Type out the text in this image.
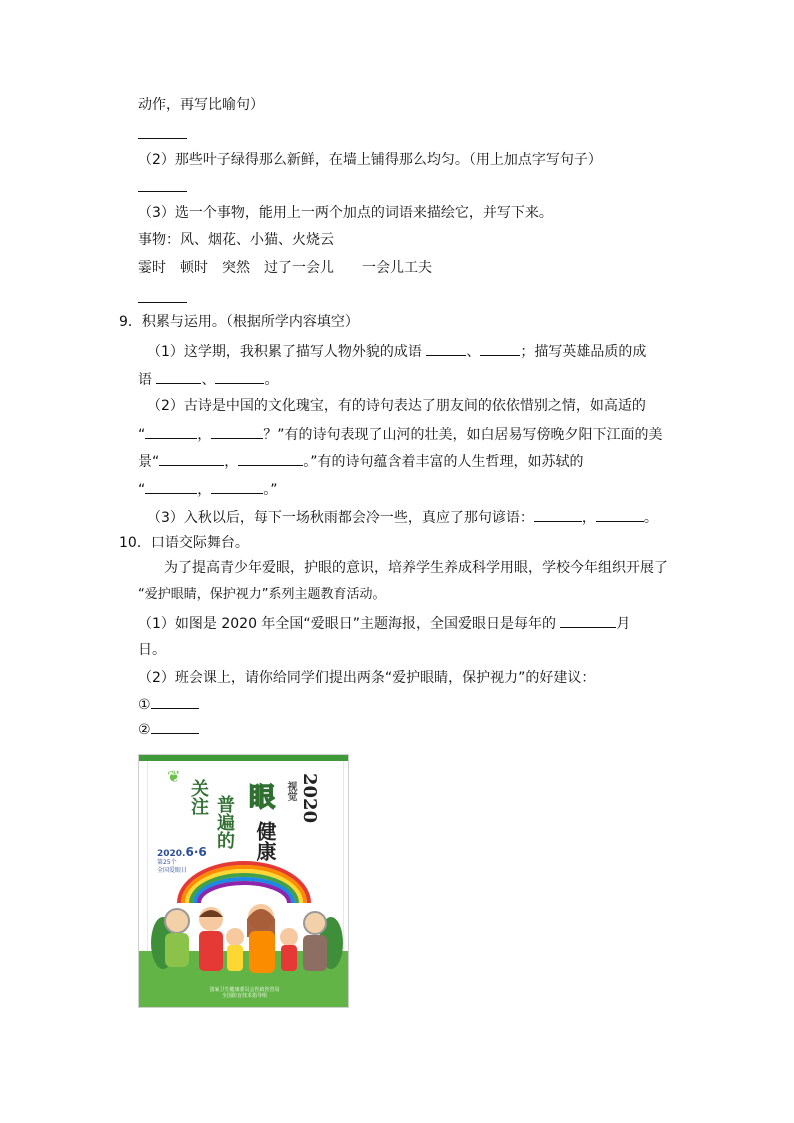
动作，再写比喻句）
（2）那些叶子绿得那么新鲜，在墙上铺得那么均匀。（用上加点字写句子）
（3）选一个事物，能用上一两个加点的词语来描绘它，并写下来。
事物：风、烟花、小猫、火烧云
霎时　顿时　突然　过了一会儿　　一会儿工夫
9．积累与运用。（根据所学内容填空）
（1）这学期，我积累了描写人物外貌的成语	、	；描写英雄品质的成
语	、	。
（2）古诗是中国的文化瑰宝，有的诗句表达了朋友间的依依惜别之情，如高适的
“	，	？”有的诗句表现了山河的壮美，如白居易写傍晚夕阳下江面的美
景“	，	。”有的诗句蕴含着丰富的人生哲理，如苏轼的
“	，	。”
（3）入秋以后，每下一场秋雨都会冷一些，真应了那句谚语：	，	。
10．口语交际舞台。
为了提高青少年爱眼，护眼的意识，培养学生养成科学用眼，学校今年组织开展了
“爱护眼睛，保护视力”系列主题教育活动。
（1）如图是 2020 年全国“爱眼日”主题海报，全国爱眼日是每年的	月
日。
（2）班会课上，请你给同学们提出两条“爱护眼睛，保护视力”的好建议：
①
②
❦
关注 普遍的 眼
健康
2020
视觉
2020.6·6
第25个
全国爱眼日
国家卫生健康委员会医政医管局
全国防盲技术指导组
